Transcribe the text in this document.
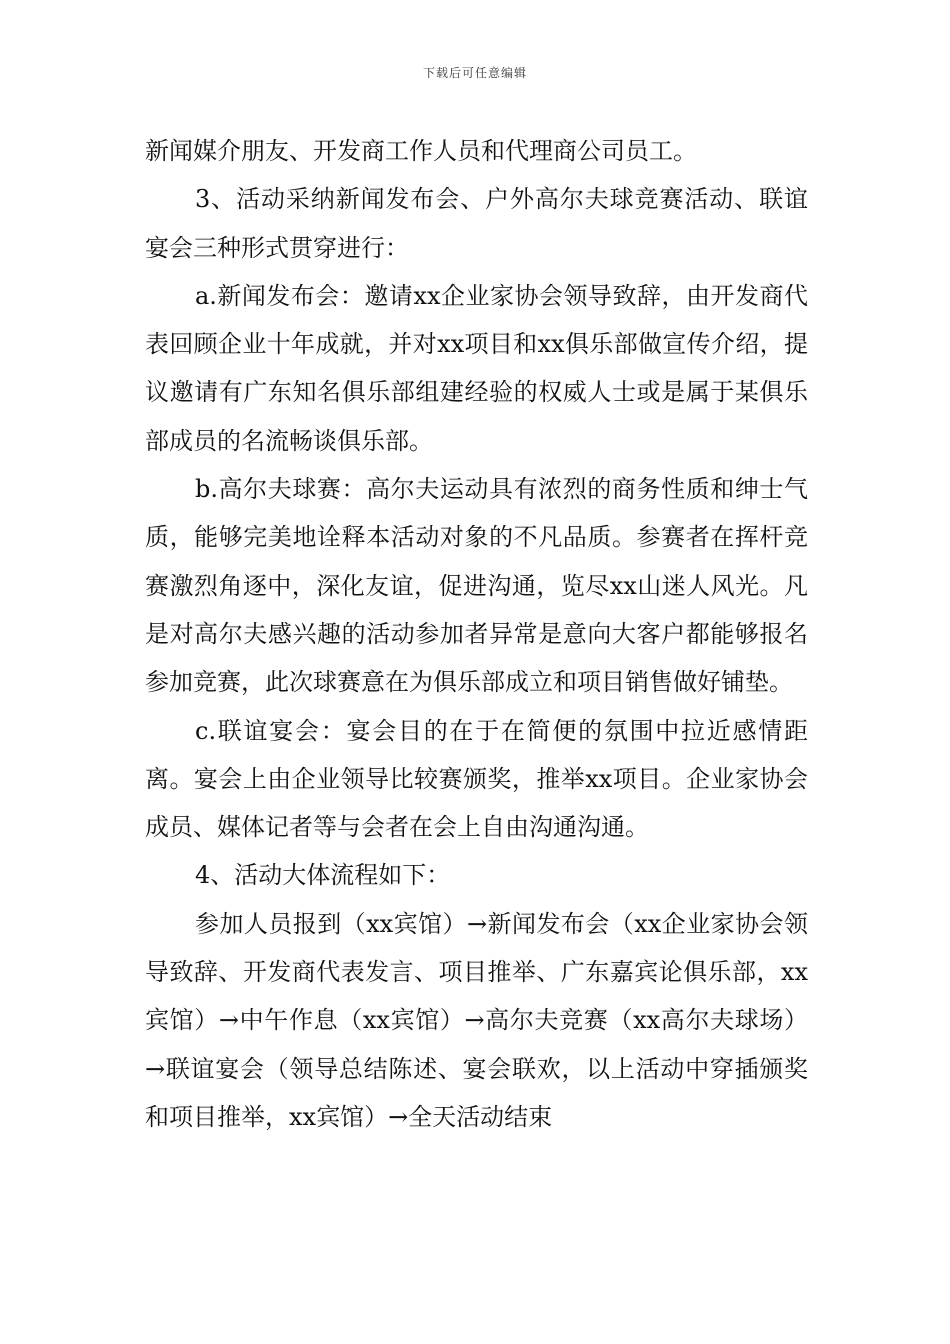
下载后可任意编辑

新闻媒介朋友、开发商工作人员和代理商公司员工。

3、活动采纳新闻发布会、户外高尔夫球竞赛活动、联谊宴会三种形式贯穿进行：

a.新闻发布会：邀请xx企业家协会领导致辞，由开发商代表回顾企业十年成就，并对xx项目和xx俱乐部做宣传介绍，提议邀请有广东知名俱乐部组建经验的权威人士或是属于某俱乐部成员的名流畅谈俱乐部。

b.高尔夫球赛：高尔夫运动具有浓烈的商务性质和绅士气质，能够完美地诠释本活动对象的不凡品质。参赛者在挥杆竞赛激烈角逐中，深化友谊，促进沟通，览尽xx山迷人风光。凡是对高尔夫感兴趣的活动参加者异常是意向大客户都能够报名参加竞赛，此次球赛意在为俱乐部成立和项目销售做好铺垫。

c.联谊宴会：宴会目的在于在简便的氛围中拉近感情距离。宴会上由企业领导比较赛颁奖，推举xx项目。企业家协会成员、媒体记者等与会者在会上自由沟通沟通。

4、活动大体流程如下：

参加人员报到（xx宾馆）→新闻发布会（xx企业家协会领导致辞、开发商代表发言、项目推举、广东嘉宾论俱乐部，xx宾馆）→中午作息（xx宾馆）→高尔夫竞赛（xx高尔夫球场）→联谊宴会（领导总结陈述、宴会联欢，以上活动中穿插颁奖和项目推举，xx宾馆）→全天活动结束
